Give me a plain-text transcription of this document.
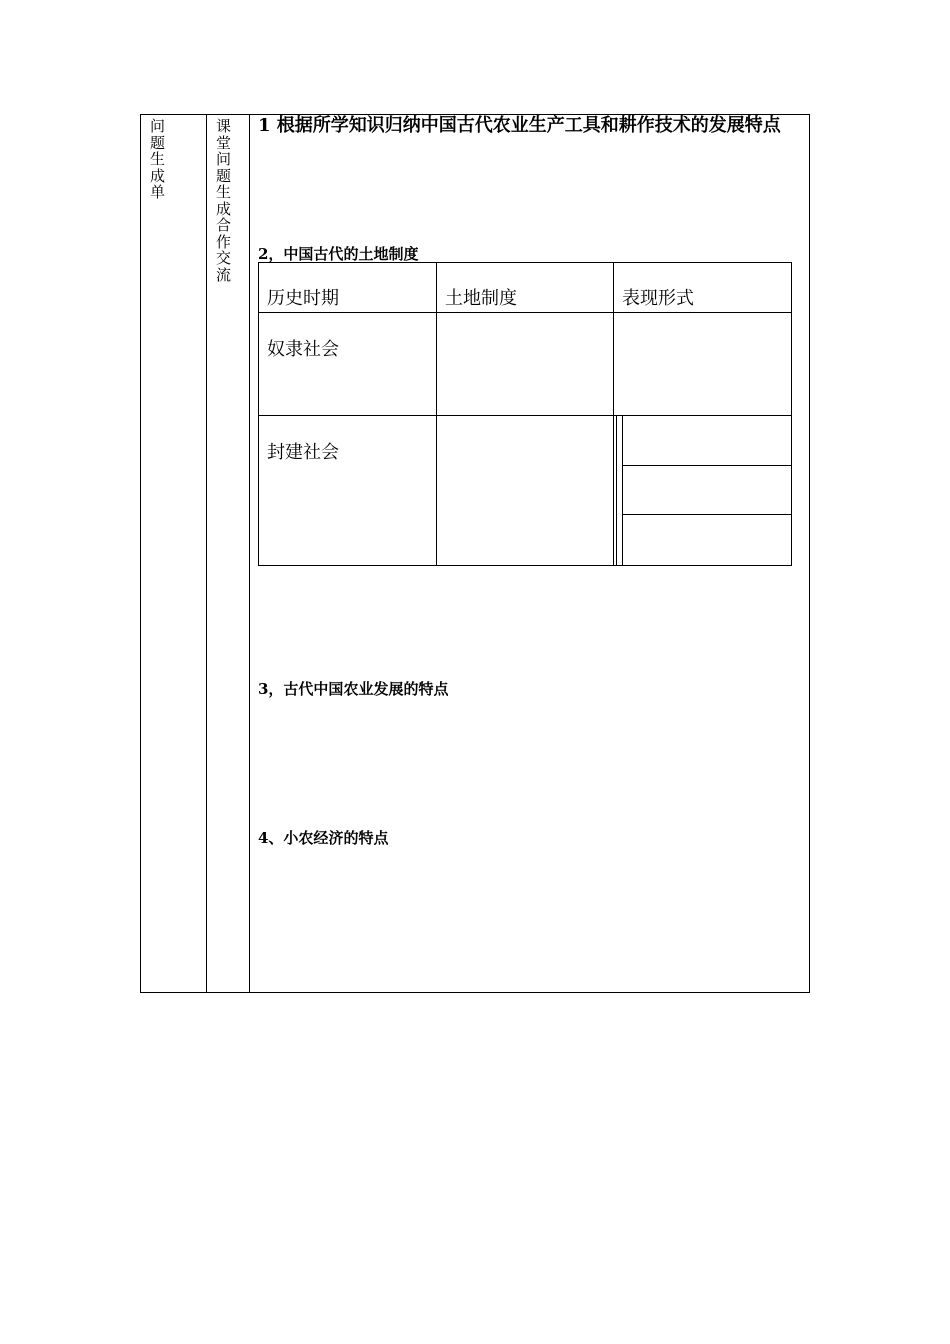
问题生成单
课堂问题生成合作交流
1 根据所学知识归纳中国古代农业生产工具和耕作技术的发展特点
2，中国古代的土地制度
历史时期	土地制度	表现形式
奴隶社会
封建社会
3，古代中国农业发展的特点
4、小农经济的特点
